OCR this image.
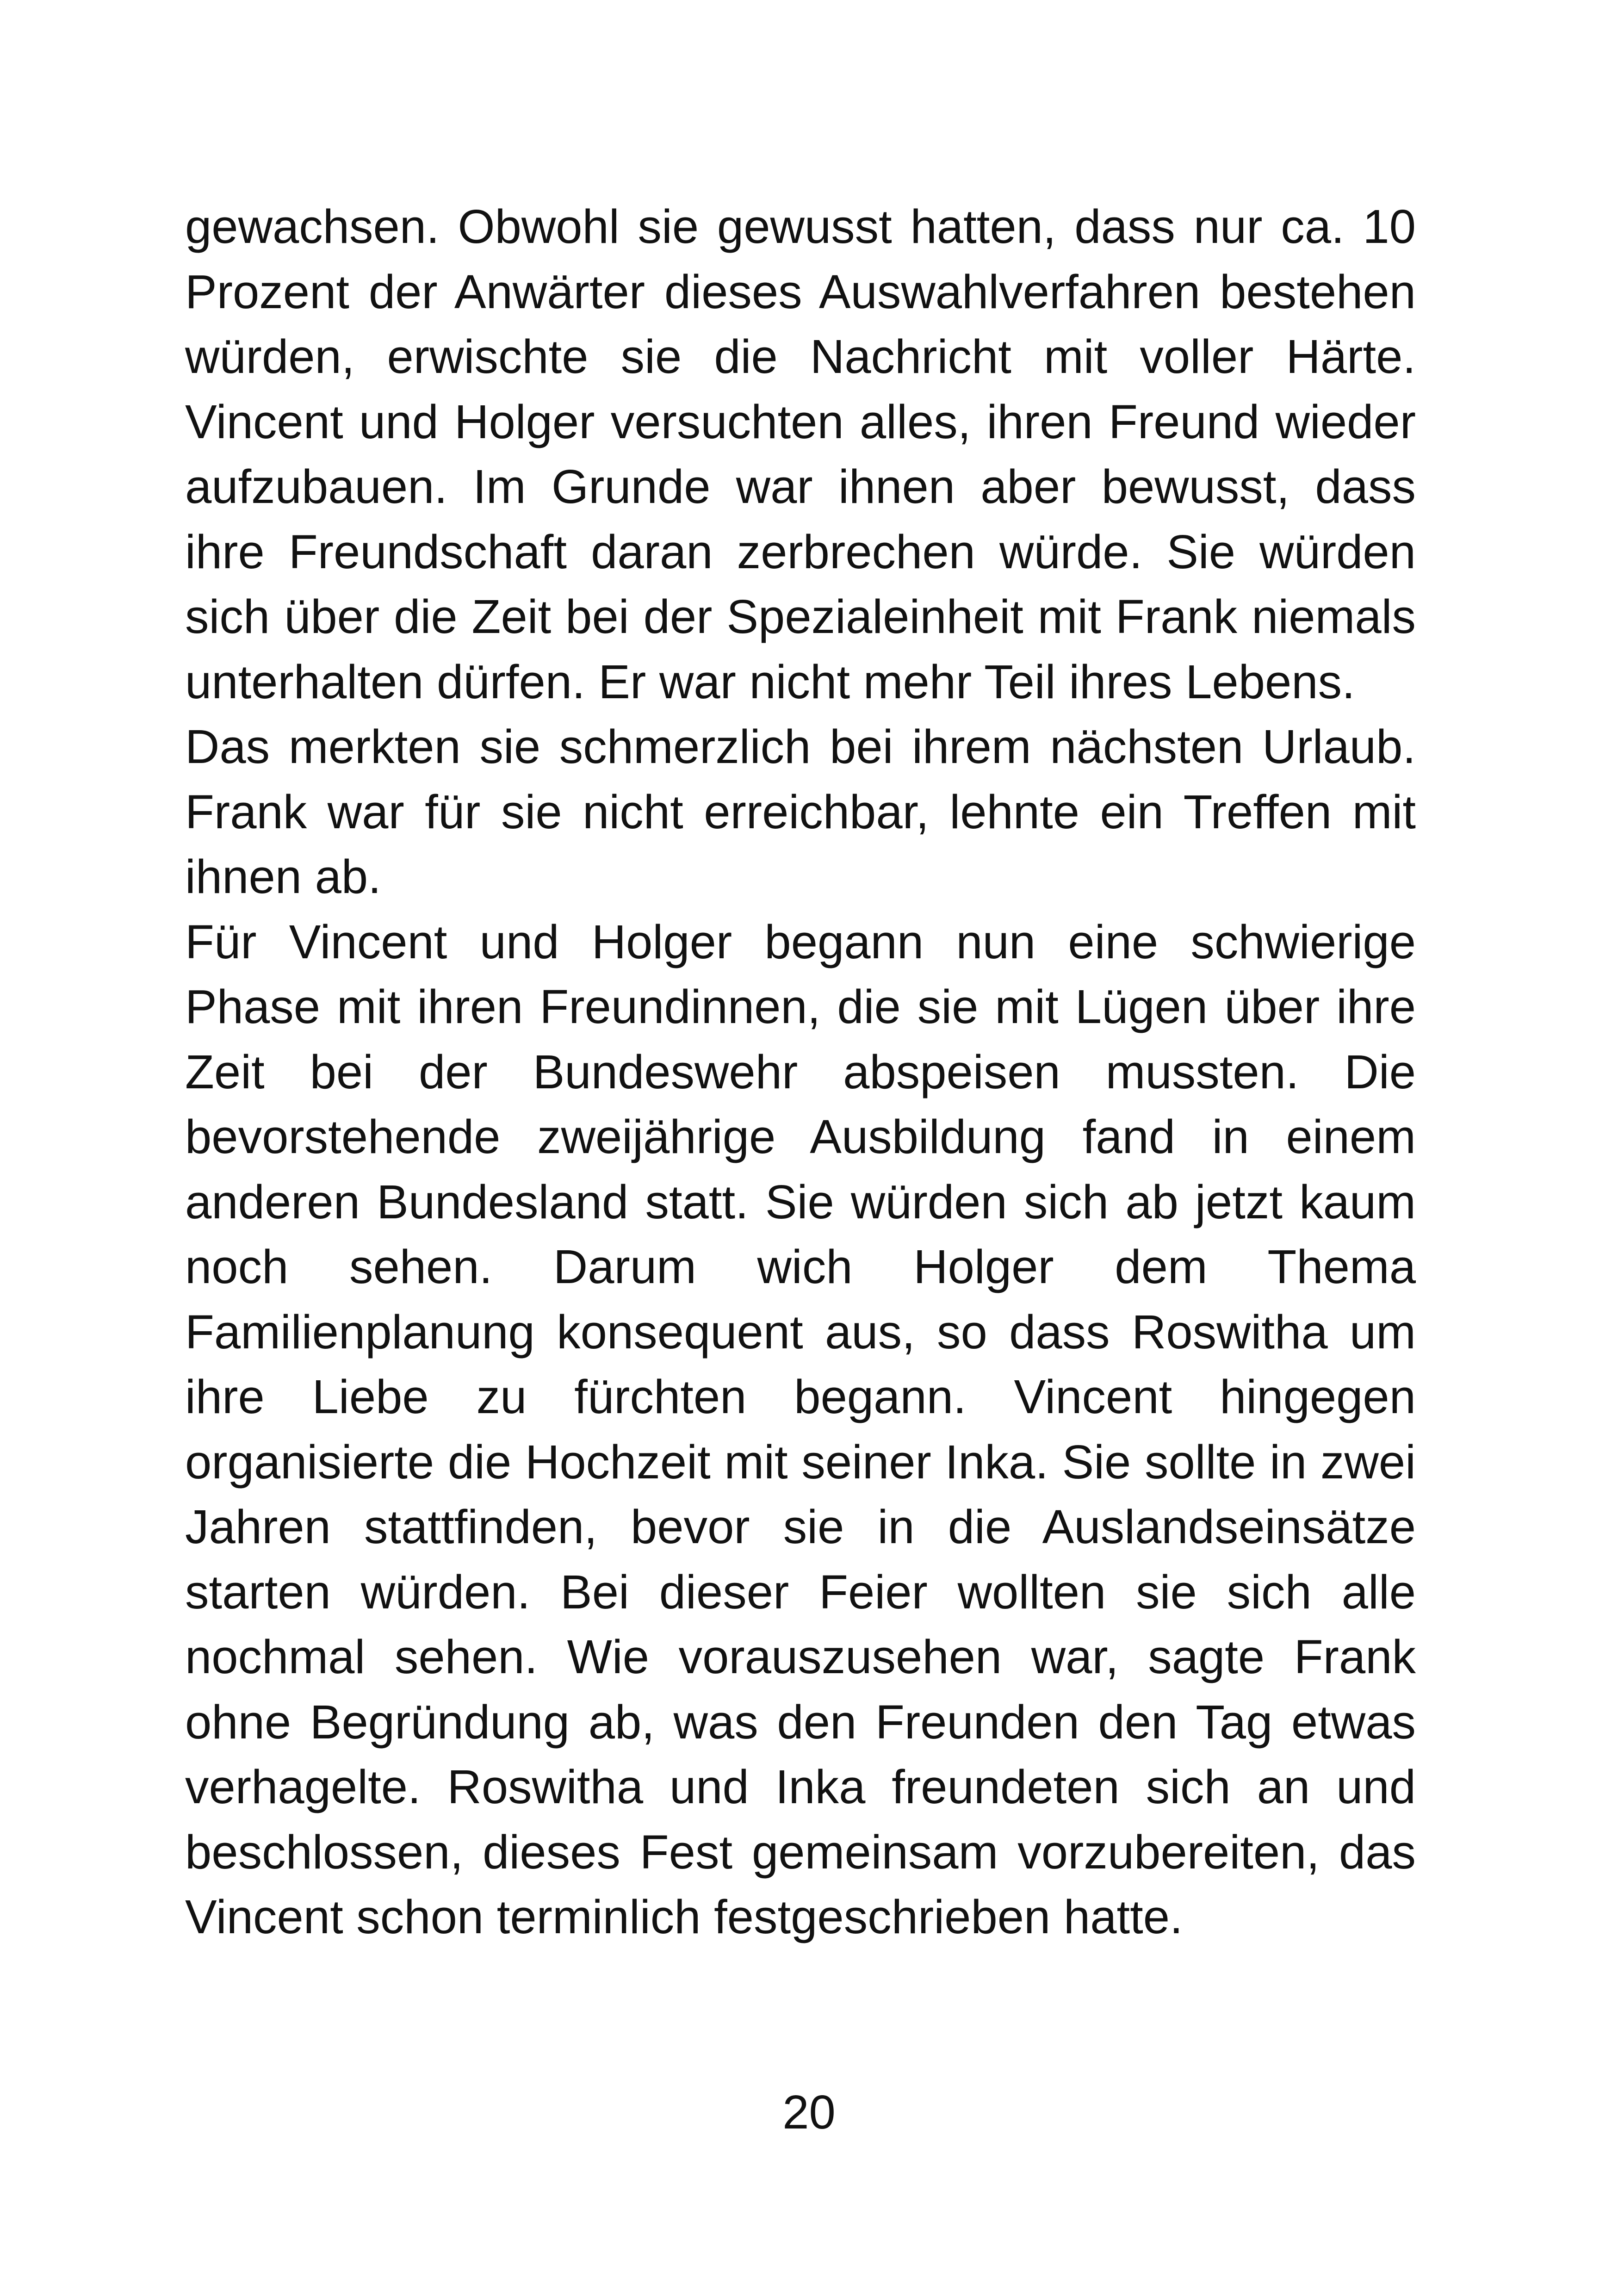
gewachsen. Obwohl sie gewusst hatten, dass nur ca. 10 Prozent der Anwärter dieses Auswahlverfahren bestehen würden, erwischte sie die Nachricht mit voller Härte. Vincent und Holger versuchten alles, ihren Freund wieder aufzubauen. Im Grunde war ihnen aber bewusst, dass ihre Freundschaft daran zerbrechen würde. Sie würden sich über die Zeit bei der Spezialeinheit mit Frank niemals unterhalten dürfen. Er war nicht mehr Teil ihres Lebens.

Das merkten sie schmerzlich bei ihrem nächsten Urlaub. Frank war für sie nicht erreichbar, lehnte ein Treffen mit ihnen ab.

Für Vincent und Holger begann nun eine schwierige Phase mit ihren Freundinnen, die sie mit Lügen über ihre Zeit bei der Bundeswehr abspeisen mussten. Die bevorstehende zweijährige Ausbildung fand in einem anderen Bundesland statt. Sie würden sich ab jetzt kaum noch sehen. Darum wich Holger dem Thema Familienplanung konsequent aus, so dass Roswitha um ihre Liebe zu fürchten begann. Vincent hingegen organisierte die Hochzeit mit seiner Inka. Sie sollte in zwei Jahren stattfinden, bevor sie in die Auslandseinsätze starten würden. Bei dieser Feier wollten sie sich alle nochmal sehen. Wie vorauszusehen war, sagte Frank ohne Begründung ab, was den Freunden den Tag etwas verhagelte. Roswitha und Inka freundeten sich an und beschlossen, dieses Fest gemeinsam vorzubereiten, das Vincent schon terminlich festgeschrieben hatte.

20
